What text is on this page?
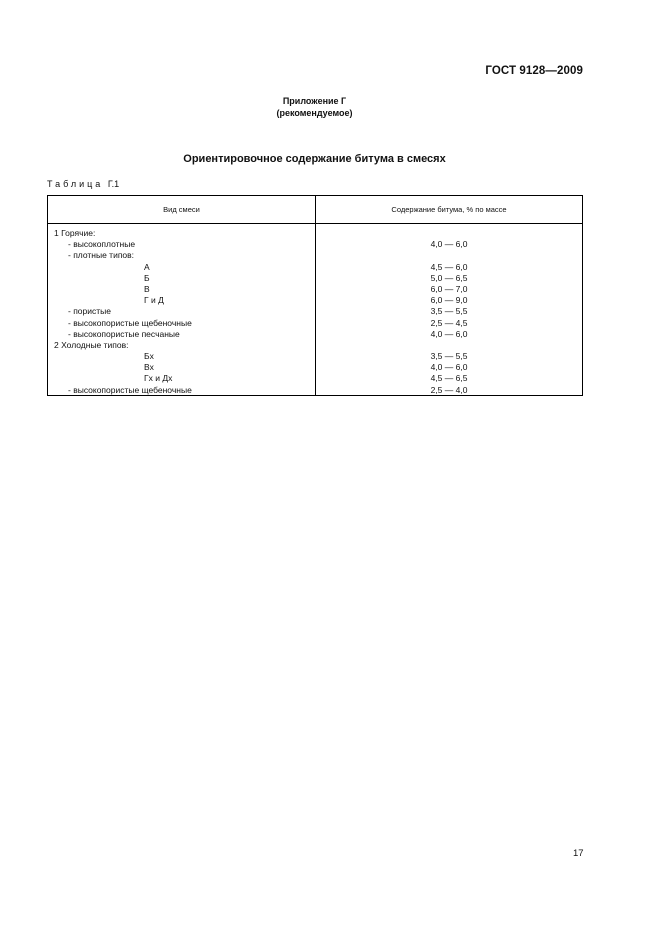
ГОСТ 9128—2009
Приложение Г
(рекомендуемое)
Ориентировочное содержание битума в смесях
Таблица Г.1
Вид смеси	Содержание битума, % по массе
1 Горячие:
- высокоплотные	4,0 — 6,0
- плотные типов:
А	4,5 — 6,0
Б	5,0 — 6,5
В	6,0 — 7,0
Г и Д	6,0 — 9,0
- пористые	3,5 — 5,5
- высокопористые щебеночные	2,5 — 4,5
- высокопористые песчаные	4,0 — 6,0
2 Холодные типов:
Бх	3,5 — 5,5
Вх	4,0 — 6,0
Гх и Дх	4,5 — 6,5
- высокопористые щебеночные	2,5 — 4,0
17
